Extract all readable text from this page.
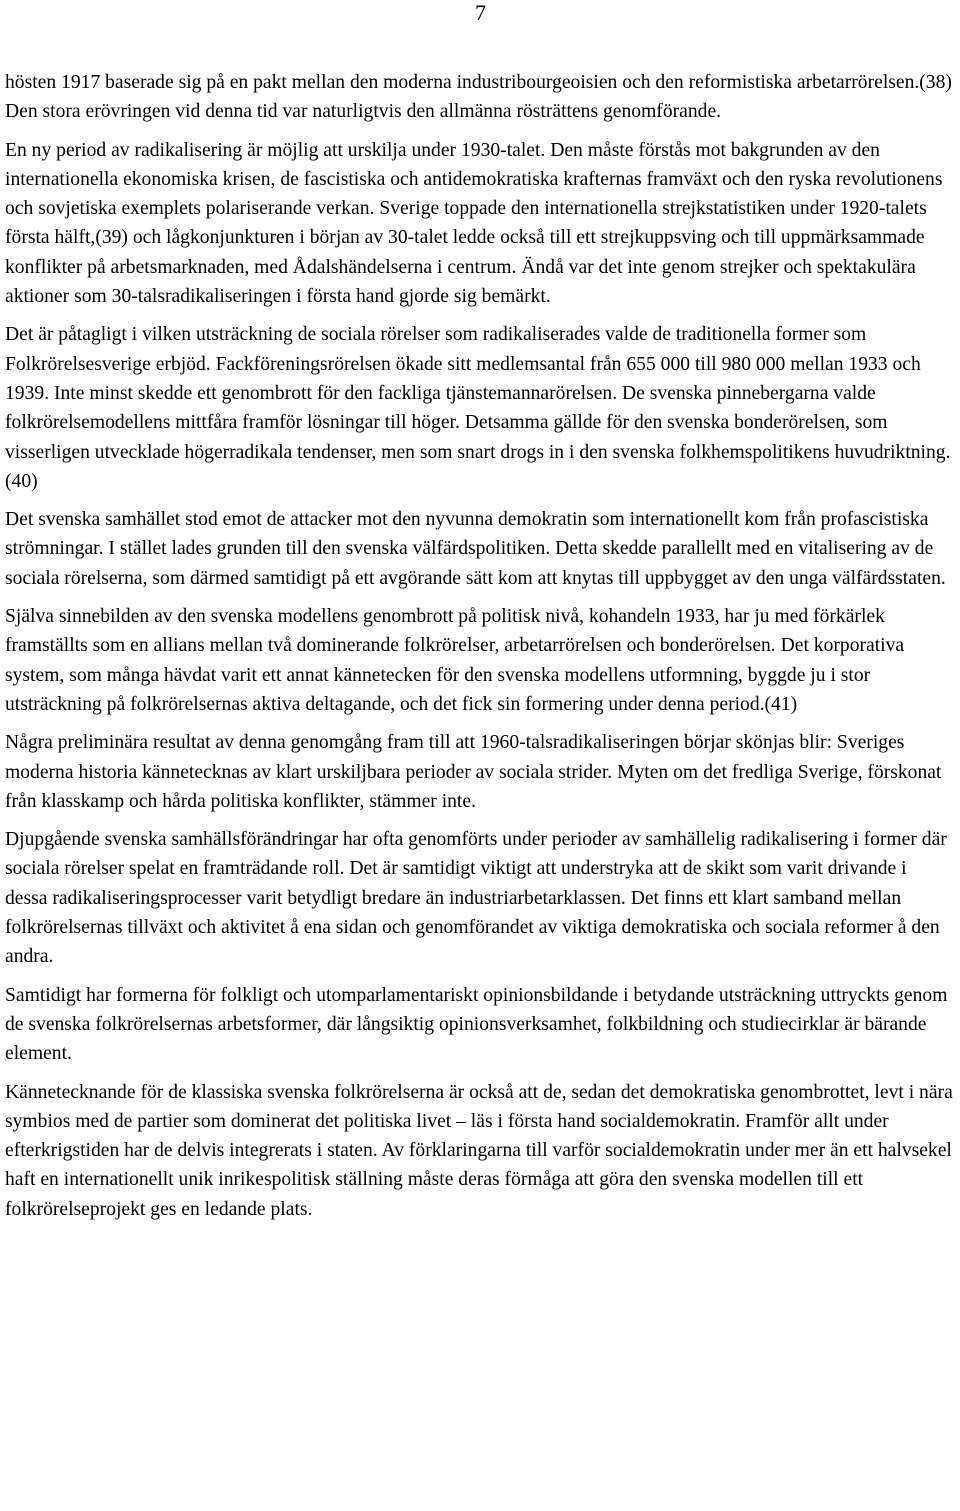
7

hösten 1917 baserade sig på en pakt mellan den moderna industribourgeoisien och den reformistiska arbetarrörelsen.(38) Den stora erövringen vid denna tid var naturligtvis den allmänna rösträttens genomförande.

En ny period av radikalisering är möjlig att urskilja under 1930-talet. Den måste förstås mot bakgrunden av den internationella ekonomiska krisen, de fascistiska och antidemokratiska krafternas framväxt och den ryska revolutionens och sovjetiska exemplets polariserande verkan. Sverige toppade den internationella strejkstatistiken under 1920-talets första hälft,(39) och lågkonjunkturen i början av 30-talet ledde också till ett strejkuppsving och till uppmärksammade konflikter på arbetsmarknaden, med Ådalshändelserna i centrum. Ändå var det inte genom strejker och spektakulära aktioner som 30-talsradikaliseringen i första hand gjorde sig bemärkt.

Det är påtagligt i vilken utsträckning de sociala rörelser som radikaliserades valde de traditionella former som Folkrörelsesverige erbjöd. Fackföreningsrörelsen ökade sitt medlemsantal från 655 000 till 980 000 mellan 1933 och 1939. Inte minst skedde ett genombrott för den fackliga tjänstemannarörelsen. De svenska pinnebergarna valde folkrörelsemodellens mittfåra framför lösningar till höger. Detsamma gällde för den svenska bonderörelsen, som visserligen utvecklade högerradikala tendenser, men som snart drogs in i den svenska folkhemspolitikens huvudriktning.(40)

Det svenska samhället stod emot de attacker mot den nyvunna demokratin som internationellt kom från profascistiska strömningar. I stället lades grunden till den svenska välfärdspolitiken. Detta skedde parallellt med en vitalisering av de sociala rörelserna, som därmed samtidigt på ett avgörande sätt kom att knytas till uppbygget av den unga välfärdsstaten.

Själva sinnebilden av den svenska modellens genombrott på politisk nivå, kohandeln 1933, har ju med förkärlek framställts som en allians mellan två dominerande folkrörelser, arbetarrörelsen och bonderörelsen. Det korporativa system, som många hävdat varit ett annat kännetecken för den svenska modellens utformning, byggde ju i stor utsträckning på folkrörelsernas aktiva deltagande, och det fick sin formering under denna period.(41)

Några preliminära resultat av denna genomgång fram till att 1960-talsradikaliseringen börjar skönjas blir: Sveriges moderna historia kännetecknas av klart urskiljbara perioder av sociala strider. Myten om det fredliga Sverige, förskonat från klasskamp och hårda politiska konflikter, stämmer inte.

Djupgående svenska samhällsförändringar har ofta genomförts under perioder av samhällelig radikalisering i former där sociala rörelser spelat en framträdande roll. Det är samtidigt viktigt att understryka att de skikt som varit drivande i dessa radikaliseringsprocesser varit betydligt bredare än industriarbetarklassen. Det finns ett klart samband mellan folkrörelsernas tillväxt och aktivitet å ena sidan och genomförandet av viktiga demokratiska och sociala reformer å den andra.

Samtidigt har formerna för folkligt och utomparlamentariskt opinionsbildande i betydande utsträckning uttryckts genom de svenska folkrörelsernas arbetsformer, där långsiktig opinionsverksamhet, folkbildning och studiecirklar är bärande element.

Kännetecknande för de klassiska svenska folkrörelserna är också att de, sedan det demokratiska genombrottet, levt i nära symbios med de partier som dominerat det politiska livet – läs i första hand socialdemokratin. Framför allt under efterkrigstiden har de delvis integrerats i staten. Av förklaringarna till varför socialdemokratin under mer än ett halvsekel haft en internationellt unik inrikespolitisk ställning måste deras förmåga att göra den svenska modellen till ett folkrörelseprojekt ges en ledande plats.
